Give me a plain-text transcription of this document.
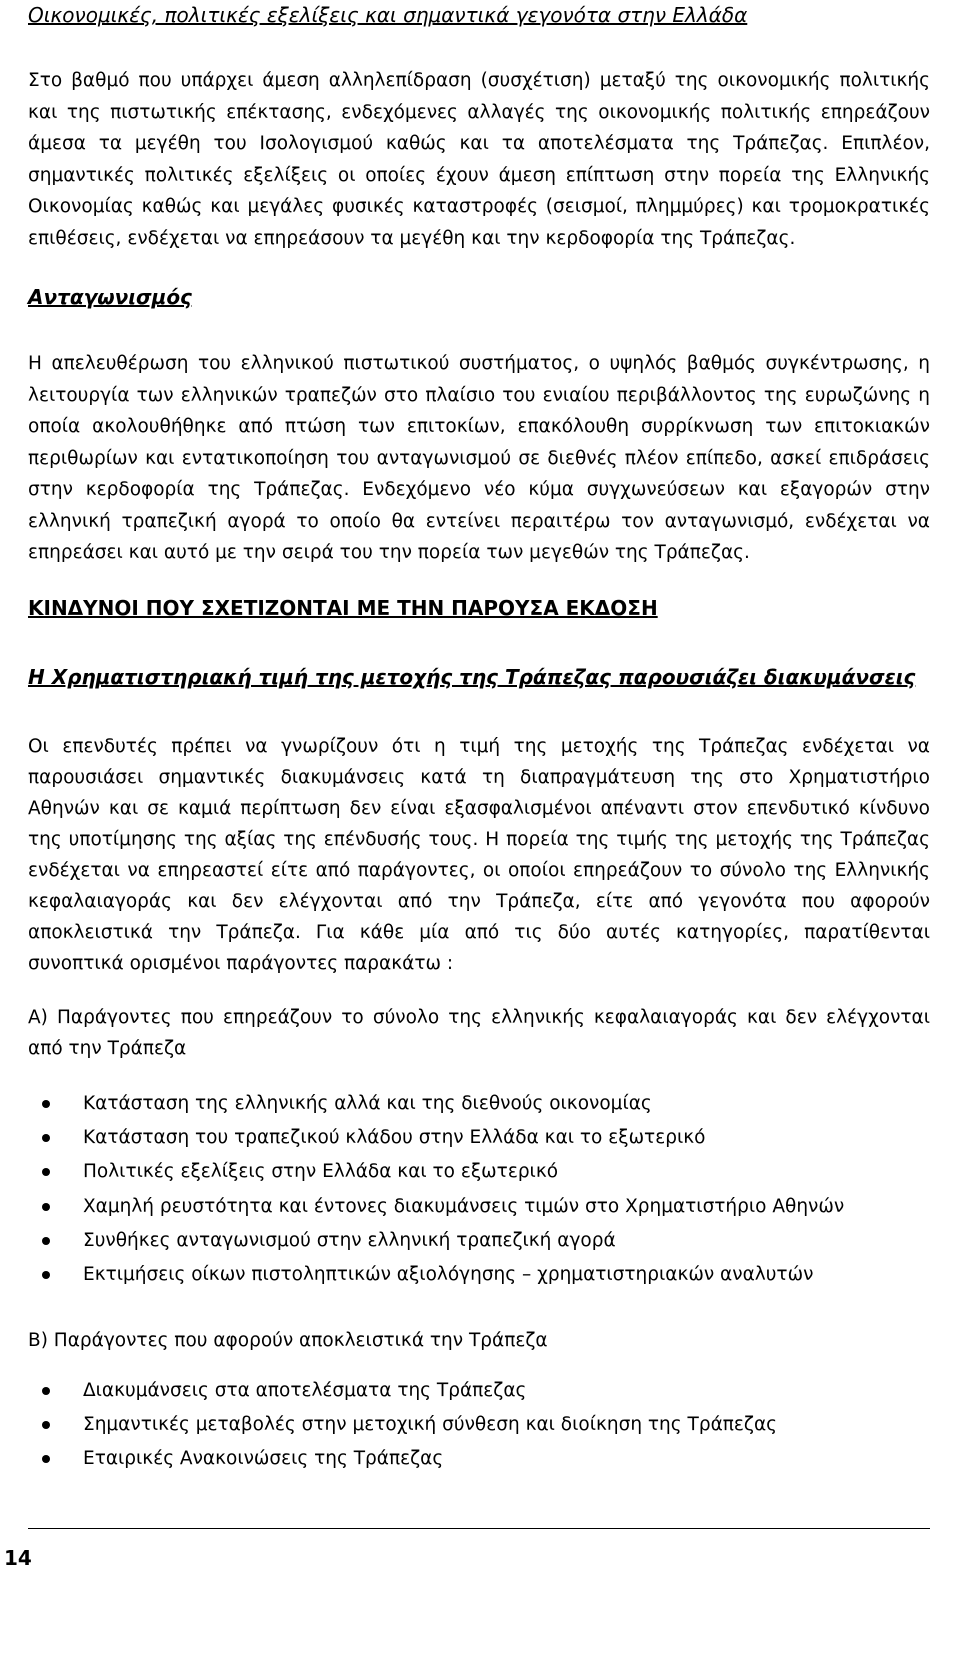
Οικονομικές, πολιτικές εξελίξεις και σημαντικά γεγονότα στην Ελλάδα

Στο βαθμό που υπάρχει άμεση αλληλεπίδραση (συσχέτιση) μεταξύ της οικονομικής πολιτικής και της πιστωτικής επέκτασης, ενδεχόμενες αλλαγές της οικονομικής πολιτικής επηρεάζουν άμεσα τα μεγέθη του Ισολογισμού καθώς και τα αποτελέσματα της Τράπεζας. Επιπλέον, σημαντικές πολιτικές εξελίξεις οι οποίες έχουν άμεση επίπτωση στην πορεία της Ελληνικής Οικονομίας καθώς και μεγάλες φυσικές καταστροφές (σεισμοί, πλημμύρες) και τρομοκρατικές επιθέσεις, ενδέχεται να επηρεάσουν τα μεγέθη και την κερδοφορία της Τράπεζας.

Ανταγωνισμός

Η απελευθέρωση του ελληνικού πιστωτικού συστήματος, ο υψηλός βαθμός συγκέντρωσης, η λειτουργία των ελληνικών τραπεζών στο πλαίσιο του ενιαίου περιβάλλοντος της ευρωζώνης η οποία ακολουθήθηκε από πτώση των επιτοκίων, επακόλουθη συρρίκνωση των επιτοκιακών περιθωρίων και εντατικοποίηση του ανταγωνισμού σε διεθνές πλέον επίπεδο, ασκεί επιδράσεις στην κερδοφορία της Τράπεζας. Ενδεχόμενο νέο κύμα συγχωνεύσεων και εξαγορών στην ελληνική τραπεζική αγορά το οποίο θα εντείνει περαιτέρω τον ανταγωνισμό, ενδέχεται να επηρεάσει και αυτό με την σειρά του την πορεία των μεγεθών της Τράπεζας.

ΚΙΝΔΥΝΟΙ ΠΟΥ ΣΧΕΤΙΖΟΝΤΑΙ ΜΕ ΤΗΝ ΠΑΡΟΥΣΑ ΕΚΔΟΣΗ
Η Χρηματιστηριακή τιμή της μετοχής της Τράπεζας παρουσιάζει διακυμάνσεις

Οι επενδυτές πρέπει να γνωρίζουν ότι η τιμή της μετοχής της Τράπεζας ενδέχεται να παρουσιάσει σημαντικές διακυμάνσεις κατά τη διαπραγμάτευση της στο Χρηματιστήριο Αθηνών και σε καμιά περίπτωση δεν είναι εξασφαλισμένοι απέναντι στον επενδυτικό κίνδυνο της υποτίμησης της αξίας της επένδυσής τους. Η πορεία της τιμής της μετοχής της Τράπεζας ενδέχεται να επηρεαστεί είτε από παράγοντες, οι οποίοι επηρεάζουν το σύνολο της Ελληνικής κεφαλαιαγοράς και δεν ελέγχονται από την Τράπεζα, είτε από γεγονότα που αφορούν αποκλειστικά την Τράπεζα. Για κάθε μία από τις δύο αυτές κατηγορίες, παρατίθενται συνοπτικά ορισμένοι παράγοντες παρακάτω :

Α) Παράγοντες που επηρεάζουν το σύνολο της ελληνικής κεφαλαιαγοράς και δεν ελέγχονται από την Τράπεζα

Κατάσταση της ελληνικής αλλά και της διεθνούς οικονομίας
Κατάσταση του τραπεζικού κλάδου στην Ελλάδα και το εξωτερικό
Πολιτικές εξελίξεις στην Ελλάδα και το εξωτερικό
Χαμηλή ρευστότητα και έντονες διακυμάνσεις τιμών στο Χρηματιστήριο Αθηνών
Συνθήκες ανταγωνισμού στην ελληνική τραπεζική αγορά
Εκτιμήσεις οίκων πιστοληπτικών αξιολόγησης – χρηματιστηριακών αναλυτών

Β) Παράγοντες που αφορούν αποκλειστικά την Τράπεζα

Διακυμάνσεις στα αποτελέσματα της Τράπεζας
Σημαντικές μεταβολές στην μετοχική σύνθεση και διοίκηση της Τράπεζας
Εταιρικές Ανακοινώσεις της Τράπεζας
14
